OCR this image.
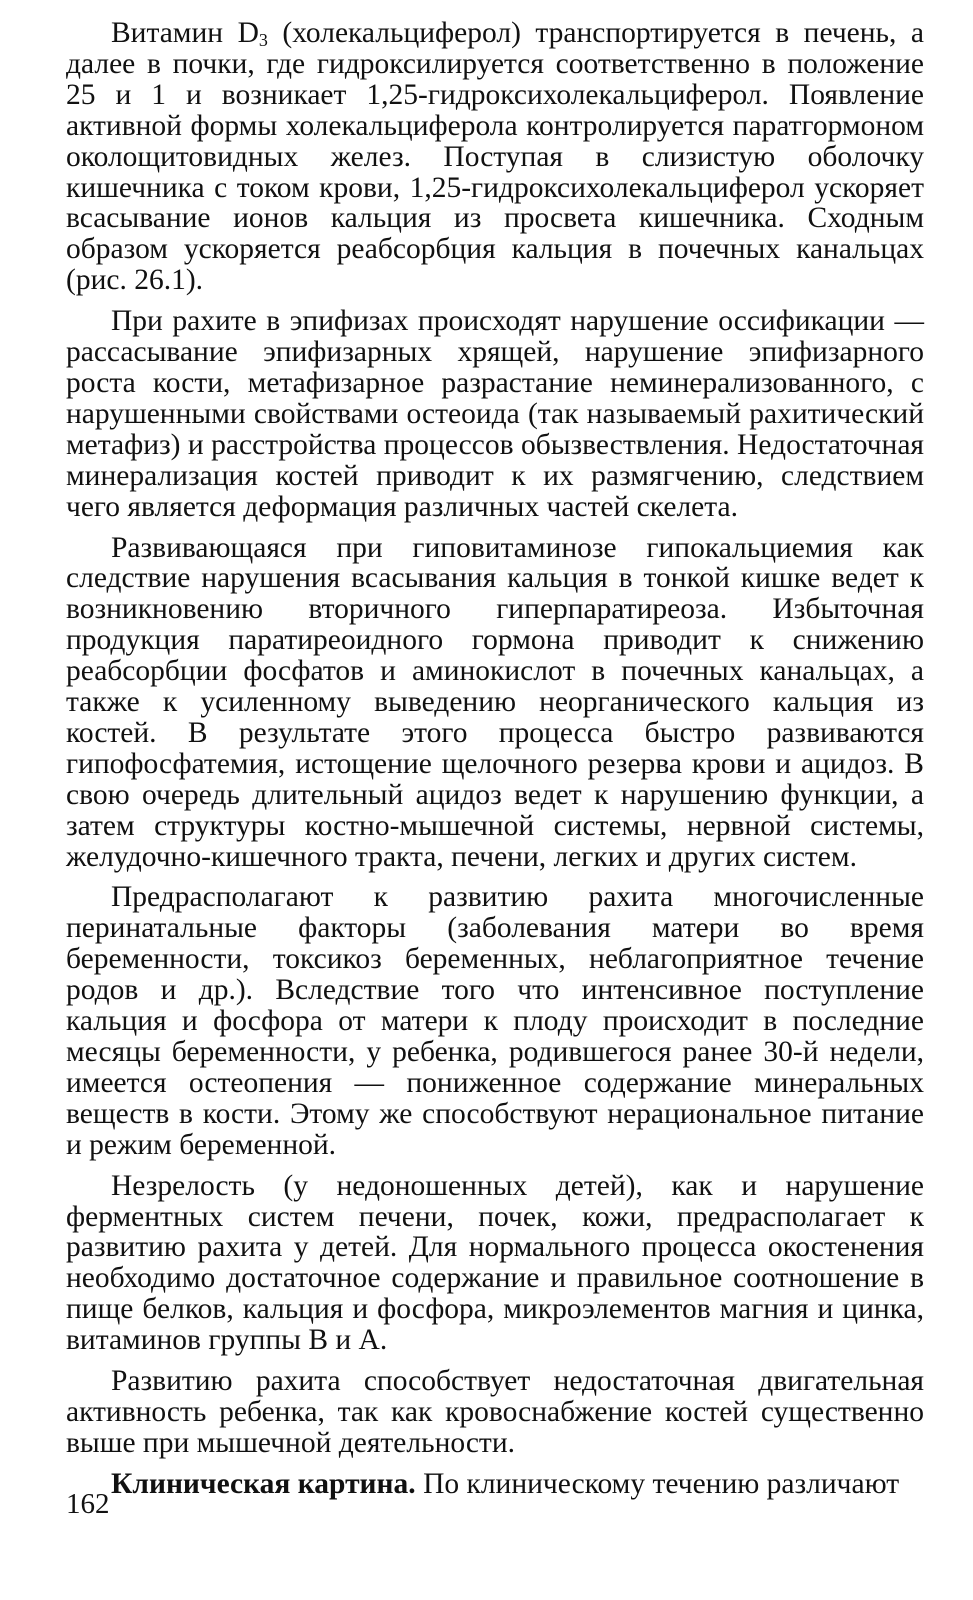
Витамин $D_3$ (холекальциферол) транспортируется в печень, а далее в почки, где гидроксилируется соответственно в положение 25 и 1 и возникает 1,25-гидроксихолекальциферол. Появление активной формы холекальциферола контролируется паратгормоном околощитовидных желез. Поступая в слизистую оболочку кишечника с током крови, 1,25-гидроксихолекальциферол ускоряет всасывание ионов кальция из просвета кишечника. Сходным образом ускоряется реабсорбция кальция в почечных канальцах (рис. 26.1).

При рахите в эпифизах происходят нарушение оссификации — рассасывание эпифизарных хрящей, нарушение эпифизарного роста кости, метафизарное разрастание неминерализованного, с нарушенными свойствами остеоида (так называемый рахитический метафиз) и расстройства процессов обызвествления. Недостаточная минерализация костей приводит к их размягчению, следствием чего является деформация различных частей скелета.

Развивающаяся при гиповитаминозе гипокальциемия как следствие нарушения всасывания кальция в тонкой кишке ведет к возникновению вторичного гиперпаратиреоза. Избыточная продукция паратиреоидного гормона приводит к снижению реабсорбции фосфатов и аминокислот в почечных канальцах, а также к усиленному выведению неорганического кальция из костей. В результате этого процесса быстро развиваются гипофосфатемия, истощение щелочного резерва крови и ацидоз. В свою очередь длительный ацидоз ведет к нарушению функции, а затем структуры костно-мышечной системы, нервной системы, желудочно-кишечного тракта, печени, легких и других систем.

Предрасполагают к развитию рахита многочисленные перинатальные факторы (заболевания матери во время беременности, токсикоз беременных, неблагоприятное течение родов и др.). Вследствие того что интенсивное поступление кальция и фосфора от матери к плоду происходит в последние месяцы беременности, у ребенка, родившегося ранее 30-й недели, имеется остеопения — пониженное содержание минеральных веществ в кости. Этому же способствуют нерациональное питание и режим беременной.

Незрелость (у недоношенных детей), как и нарушение ферментных систем печени, почек, кожи, предрасполагает к развитию рахита у детей. Для нормального процесса окостенения необходимо достаточное содержание и правильное соотношение в пище белков, кальция и фосфора, микроэлементов магния и цинка, витаминов группы В и А.

Развитию рахита способствует недостаточная двигательная активность ребенка, так как кровоснабжение костей существенно выше при мышечной деятельности.

Клиническая картина. По клиническому течению различают

162
